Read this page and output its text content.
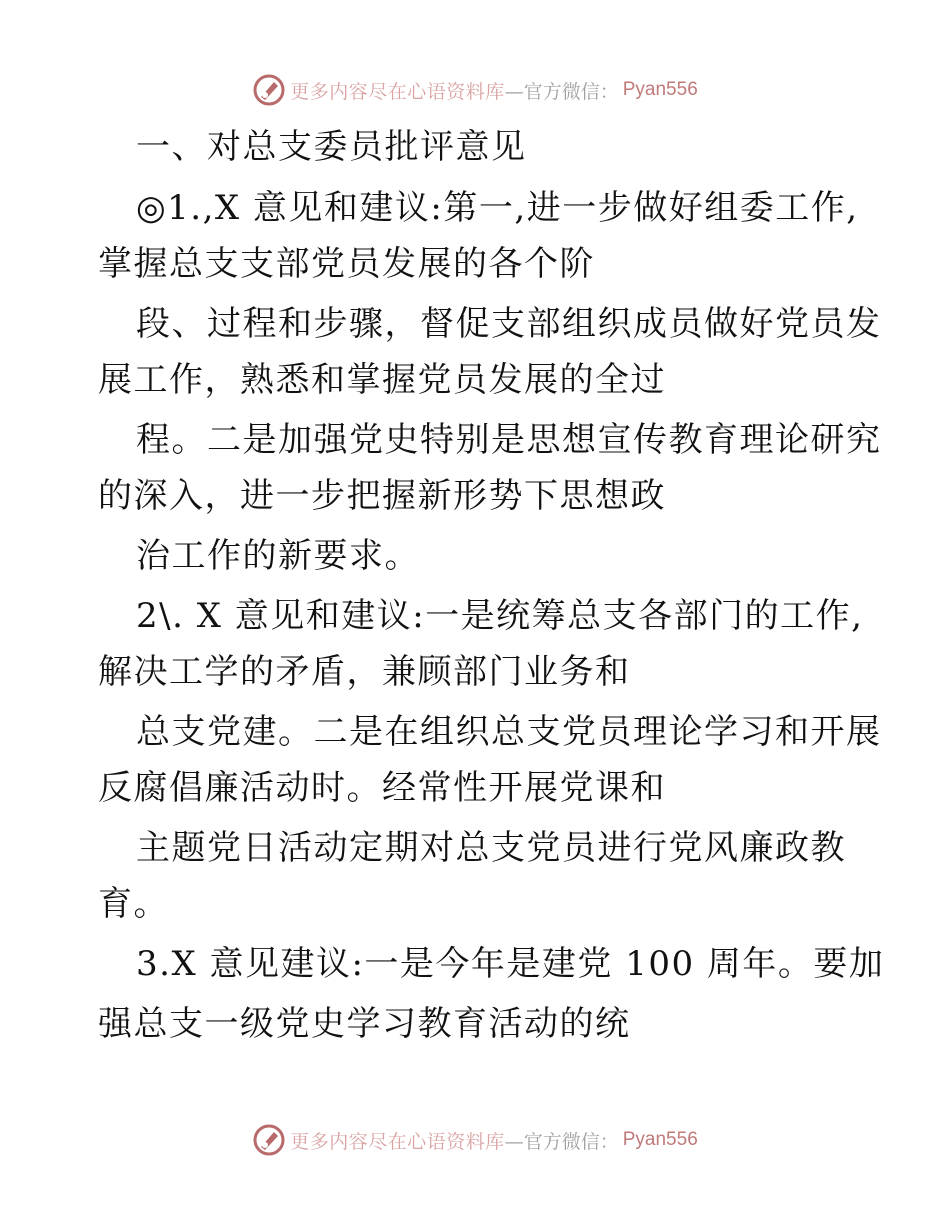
更多内容尽在心语资料库 —官方微信： Pyan556
一、对总支委员批评意见
◎1.,X 意见和建议:第一,进一步做好组委工作,
掌握总支支部党员发展的各个阶
段、过程和步骤，督促支部组织成员做好党员发
展工作，熟悉和掌握党员发展的全过
程。二是加强党史特别是思想宣传教育理论研究
的深入，进一步把握新形势下思想政
治工作的新要求。
2\. X 意见和建议:一是统筹总支各部门的工作,
解决工学的矛盾，兼顾部门业务和
总支党建。二是在组织总支党员理论学习和开展
反腐倡廉活动时。经常性开展党课和
主题党日活动定期对总支党员进行党风廉政教
育。
3.X 意见建议:一是今年是建党 100 周年。要加
强总支一级党史学习教育活动的统
更多内容尽在心语资料库 —官方微信： Pyan556
